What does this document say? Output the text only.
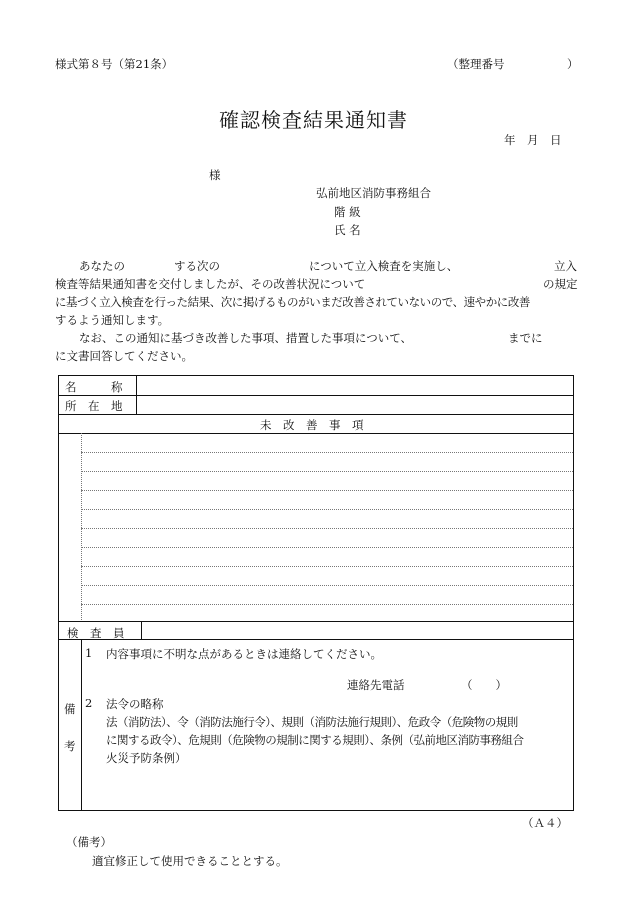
様式第８号（第21条）	（整理番号	）
確認検査結果通知書
年　月　日
様
弘前地区消防事務組合
階 級
氏 名
あなたの	する次の	について立入検査を実施し、	立入
検査等結果通知書を交付しましたが、その改善状況について	の規定
に基づく立入検査を行った結果、次に掲げるものがいまだ改善されていないので、速やかに改善
するよう通知します。
なお、この通知に基づき改善した事項、措置した事項について、	までに
に文書回答してください。
名　　　称
所　在　地
未　改　善　事　項
検　査　員
備
考
1 内容事項に不明な点があるときは連絡してください。
連絡先電話	（　　）
2 法令の略称
法（消防法）、令（消防法施行令）、規則（消防法施行規則）、危政令（危険物の規則
に関する政令）、危規則（危険物の規制に関する規則）、条例（弘前地区消防事務組合
火災予防条例）
（Ａ４）
（備考）
適宜修正して使用できることとする。
